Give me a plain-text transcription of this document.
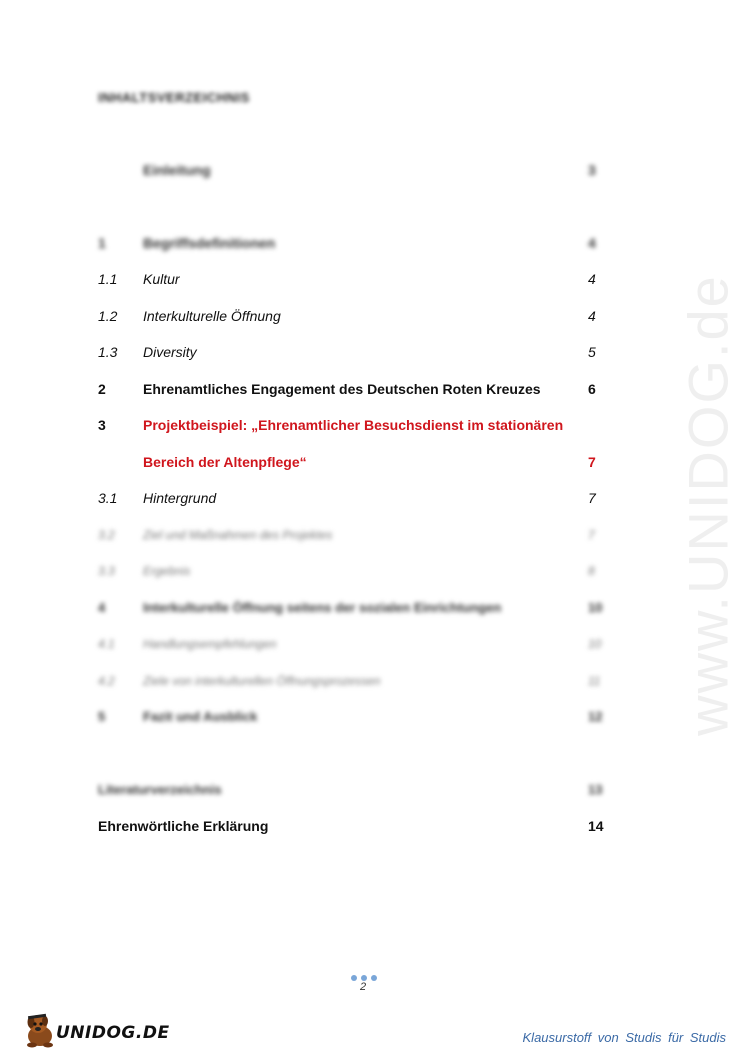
www.UNIDOG.de
INHALTSVERZEICHNIS
Einleitung	3
1	Begriffsdefinitionen	4
1.1 Kultur	4
1.2 Interkulturelle Öffnung	4
1.3 Diversity	5
2	Ehrenamtliches Engagement des Deutschen Roten Kreuzes	6
3	Projektbeispiel: „Ehrenamtlicher Besuchsdienst im stationären
Bereich der Altenpflege“	7
3.1 Hintergrund	7
3.2 Ziel und Maßnahmen des Projektes	7
3.3 Ergebnis	8
4	Interkulturelle Öffnung seitens der sozialen Einrichtungen	10
4.1 Handlungsempfehlungen	10
4.2 Ziele von interkulturellen Öffnungsprozessen	11
5	Fazit und Ausblick	12
Literaturverzeichnis	13
Ehrenwörtliche Erklärung	14
2
UNIDOG.DE	Klausurstoff von Studis für Studis
